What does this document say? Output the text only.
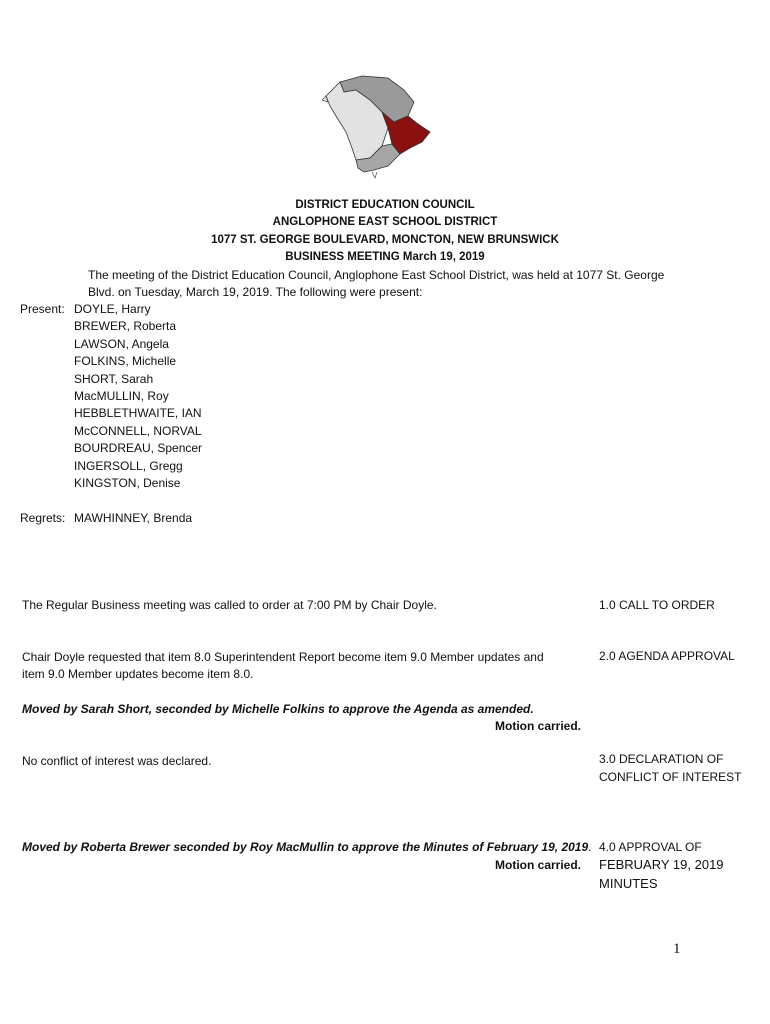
DISTRICT EDUCATION COUNCIL
ANGLOPHONE EAST SCHOOL DISTRICT
1077 ST. GEORGE BOULEVARD, MONCTON, NEW BRUNSWICK
BUSINESS MEETING March 19, 2019
The meeting of the District Education Council, Anglophone East School District, was held at 1077 St. George
Blvd. on Tuesday, March 19, 2019. The following were present:
Present: DOYLE, Harry
BREWER, Roberta
LAWSON, Angela
FOLKINS, Michelle
SHORT, Sarah
MacMULLIN, Roy
HEBBLETHWAITE, IAN
McCONNELL, NORVAL
BOURDREAU, Spencer
INGERSOLL, Gregg
KINGSTON, Denise
Regrets: MAWHINNEY, Brenda
The Regular Business meeting was called to order at 7:00 PM by Chair Doyle.	1.0 CALL TO ORDER
Chair Doyle requested that item 8.0 Superintendent Report become item 9.0 Member updates and
item 9.0 Member updates become item 8.0.
2.0 AGENDA APPROVAL
Moved by Sarah Short, seconded by Michelle Folkins to approve the Agenda as amended.
Motion carried.
No conflict of interest was declared.	3.0 DECLARATION OF
CONFLICT OF INTEREST
Moved by Roberta Brewer seconded by Roy MacMullin to approve the Minutes of February 19, 2019.
Motion carried.
4.0 APPROVAL OF
FEBRUARY 19, 2019
MINUTES
1
